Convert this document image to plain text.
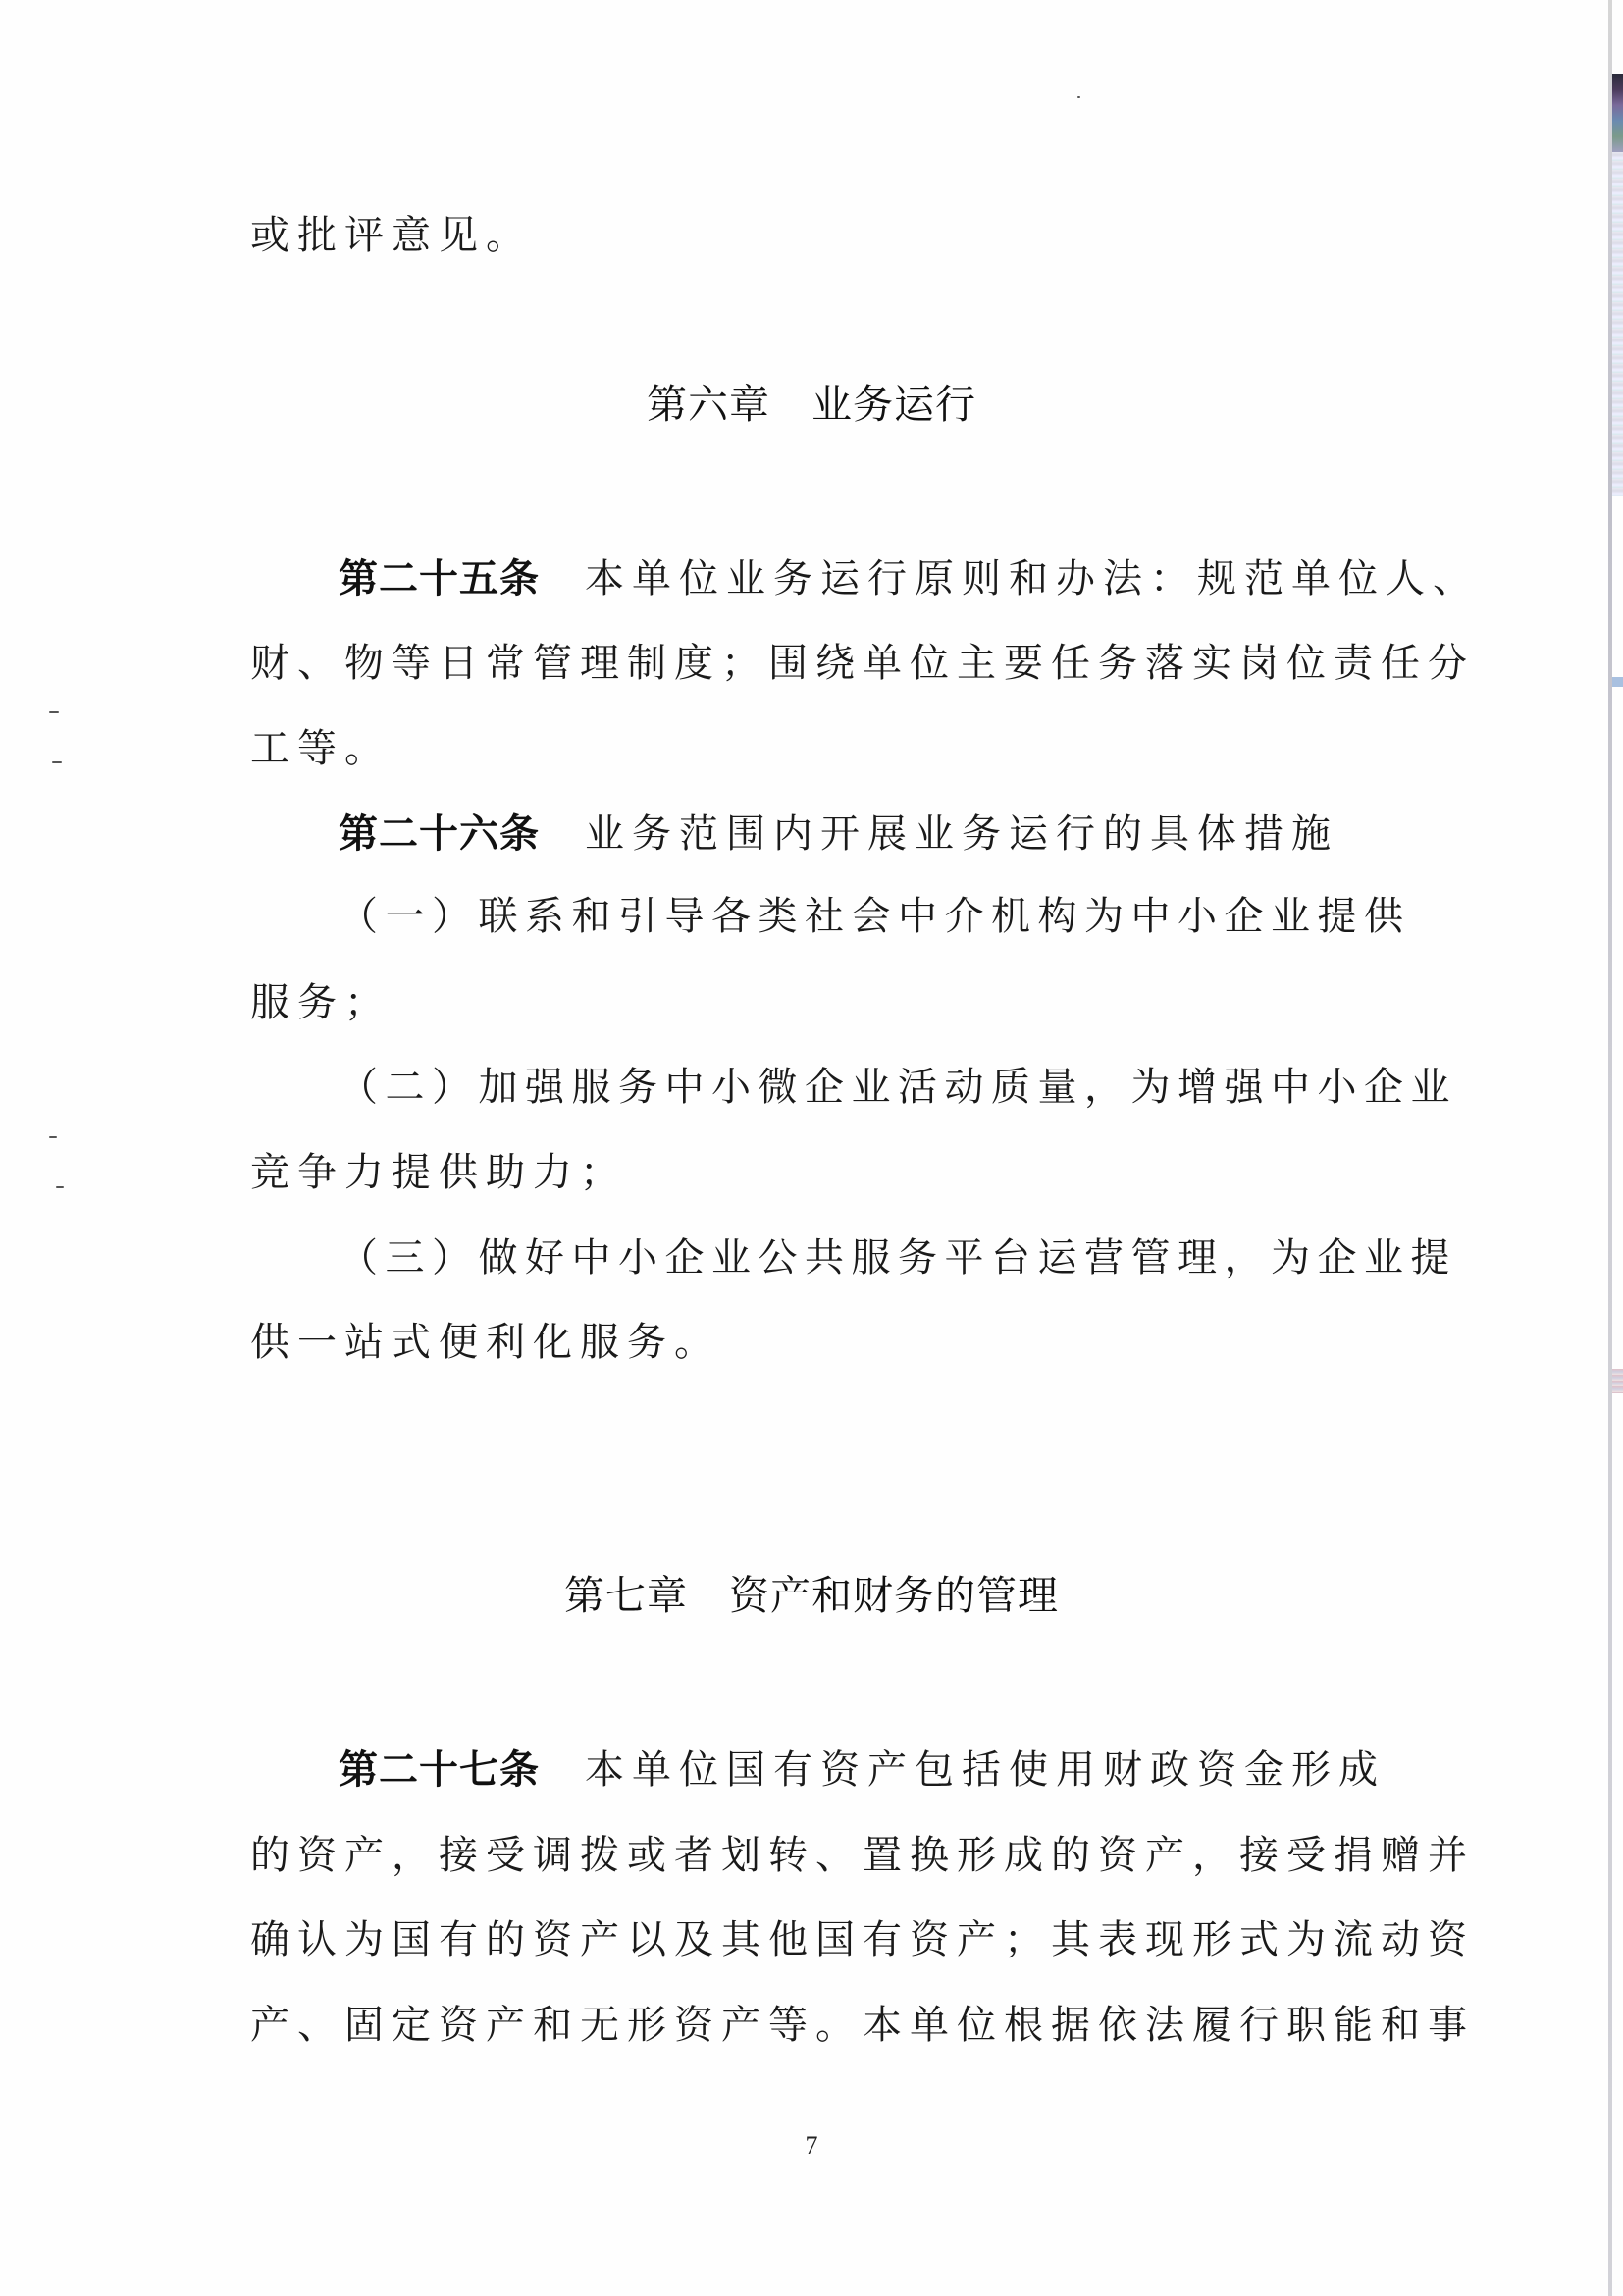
或批评意见。
第六章　业务运行
第二十五条 本单位业务运行原则和办法：规范单位人、
财、物等日常管理制度；围绕单位主要任务落实岗位责任分
工等。
第二十六条 业务范围内开展业务运行的具体措施
（一）联系和引导各类社会中介机构为中小企业提供
服务；
（二）加强服务中小微企业活动质量，为增强中小企业
竞争力提供助力；
（三）做好中小企业公共服务平台运营管理，为企业提
供一站式便利化服务。
第七章　资产和财务的管理
第二十七条 本单位国有资产包括使用财政资金形成
的资产，接受调拨或者划转、置换形成的资产，接受捐赠并
确认为国有的资产以及其他国有资产；其表现形式为流动资
产、固定资产和无形资产等。本单位根据依法履行职能和事
7
